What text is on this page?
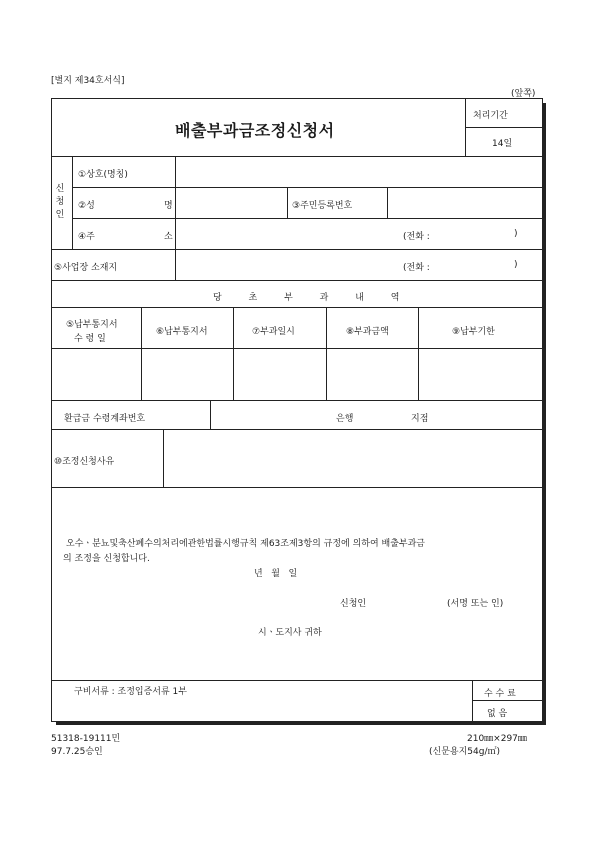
[별지 제34호서식]
(앞쪽)
배출부과금조정신청서
처리기간
14일
신
청
인
①상호(명칭)
②성	명	③주민등록번호
④주	소	(전화 :	)
⑤사업장 소재지	(전화 :	)
당 초 부 과 내 역
⑤납부통지서
수 령 일
⑥납부통지서	⑦부과일시	⑧부과금액	⑨납부기한
환급금 수령계좌번호	은행	지점
⑩조정신청사유
오수ㆍ분뇨및축산폐수의처리에관한법률시행규칙 제63조제3항의 규정에 의하여 배출부과금
의 조정을 신청합니다.
년   월   일
신청인	(서명 또는 인)
시ㆍ도지사 귀하
구비서류 : 조정입증서류 1부	수 수 료
없 음
51318-19111민
97.7.25승인
210㎜×297㎜
(신문용지54g/㎡)
